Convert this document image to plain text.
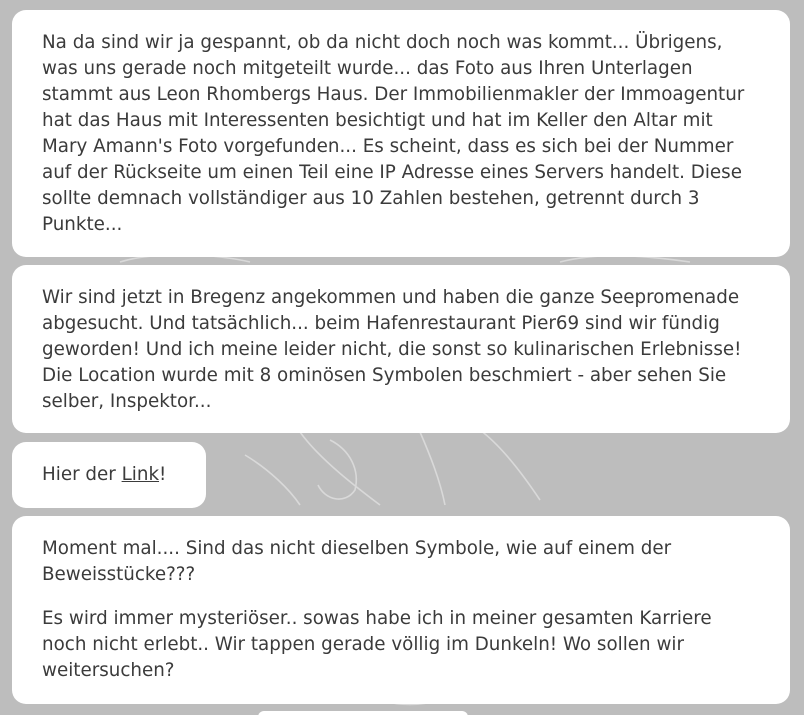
Na da sind wir ja gespannt, ob da nicht doch noch was kommt... Übrigens, was uns gerade noch mitgeteilt wurde... das Foto aus Ihren Unterlagen stammt aus Leon Rhombergs Haus. Der Immobilienmakler der Immoagentur hat das Haus mit Interessenten besichtigt und hat im Keller den Altar mit Mary Amann's Foto vorgefunden... Es scheint, dass es sich bei der Nummer auf der Rückseite um einen Teil eine IP Adresse eines Servers handelt. Diese sollte demnach vollständiger aus 10 Zahlen bestehen, getrennt durch 3 Punkte...

Wir sind jetzt in Bregenz angekommen und haben die ganze Seepromenade abgesucht. Und tatsächlich... beim Hafenrestaurant Pier69 sind wir fündig geworden! Und ich meine leider nicht, die sonst so kulinarischen Erlebnisse! Die Location wurde mit 8 ominösen Symbolen beschmiert - aber sehen Sie selber, Inspektor...

Hier der Link!

Moment mal.... Sind das nicht dieselben Symbole, wie auf einem der Beweisstücke???

Es wird immer mysteriöser.. sowas habe ich in meiner gesamten Karriere noch nicht erlebt.. Wir tappen gerade völlig im Dunkeln! Wo sollen wir weitersuchen?
